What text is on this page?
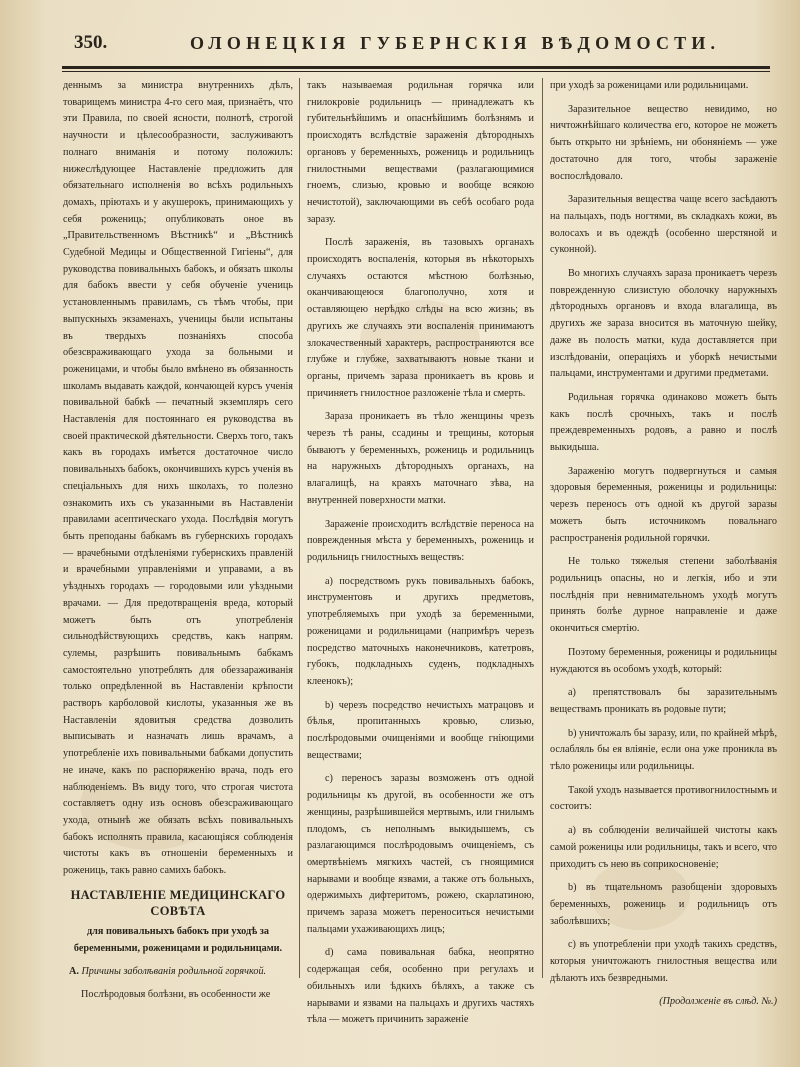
350.	ОЛОНЕЦКІЯ ГУБЕРНСКІЯ ВѢДОМОСТИ.

деннымъ за министра внутреннихъ дѣлъ, товарищемъ министра 4-го сего мая, признаётъ, что эти Правила, по своей ясности, полнотѣ, строгой научности и цѣлесообразности, заслуживаютъ полнаго вниманія и потому положилъ: нижеслѣдующее Наставленіе предложить для обязательнаго исполненія во всѣхъ родильныхъ домахъ, пріютахъ и у акушерокъ, принимающихъ у себя рожениць; опубликовать оное въ „Правительственномъ Вѣстникѣ“ и „Вѣстникѣ Судебной Медицы и Общественной Гигіены“, для руководства повивальныхъ бабокъ, и обязать школы для бабокъ ввести у себя обученіе учениць установленнымъ правиламъ, съ тѣмъ чтобы, при выпускныхъ экзаменахъ, ученицы были испытаны въ твердыхъ познаніяхъ способа обезсвраживающаго ухода за больными и роженицами, и чтобы было вмѣнено въ обязанность школамъ выдавать каждой, кончающей курсъ ученія повивальной бабкѣ — печатный экземпляръ сего Наставленія для постояннаго ея руководства въ своей практической дѣятельности. Сверхъ того, такъ какъ въ городахъ имѣется достаточное число повивальныхъ бабокъ, окончившихъ курсъ ученія въ спеціальныхъ для нихъ школахъ, то полезно ознакомить ихъ съ указанными въ Наставленіи правилами асептическаго ухода. Послѣдвія могутъ быть преподаны бабкамъ въ губернскихъ городахъ — врачебными отдѣленіями губернскихъ правленій и врачебными управленіями и управами, а въ уѣздныхъ городахъ — городовыми или уѣздными врачами. — Для предотвращенія вредa, который можетъ быть отъ употребленія сильнодѣйствующихъ средствъ, какъ напрям. сулемы, разрѣшить повивальнымъ бабкамъ самостоятельно употреблять для обеззараживанія только опредѣленной въ Наставленіи крѣпости растворъ карболовой кислоты, указанныя же въ Наставленіи ядовитыя средства дозволить выписывать и назначать лишь врачамъ, а употребленіе ихъ повивальными бабками допустить не иначе, какъ по распоряженію врача, подъ его наблюденіемъ. Въ виду того, что строгая чистота составляетъ одну изъ основъ обезсраживающаго ухода, отнынѣ же обязать всѣхъ повивальныхъ бабокъ исполнять правила, касающіяся соблюденія чистоты какъ въ отношеніи беременныхъ и рожениць, такъ равно самихъ бабокъ.

НАСТАВЛЕНІЕ МЕДИЦИНСКАГО СОВѢТА
для повивальныхъ бабокъ при уходѣ за беременными, роженицами и родильницами.
А. Причины заболѣванія родильной горячкой.

Послѣродовыя болѣзни, въ особенности же

такъ называемая родильная горячка или гнилокровіе родильницъ — принадлежатъ къ губительнѣйшимъ и опаснѣйшимъ болѣзнямъ и происходятъ вслѣдствіе зараженія дѣтородныхъ органовъ у беременныхъ, рожениць и родильницъ гнилостными веществами (разлагающимися гноемъ, слизью, кровью и вообще всякою нечистотой), заключающими въ себѣ особаго рода заразу.

Послѣ зараженія, въ тазовыхъ органахъ происходятъ воспаленія, которыя въ нѣкоторыхъ случаяхъ остаются мѣстною болѣзнью, оканчивающеюся благополучно, хотя и оставляющею нерѣдко слѣды на всю жизнь; въ другихъ же случаяхъ эти воспаленія принимаютъ злокачественный характеръ, распространяются все глубже и глубже, захватываютъ новые ткани и органы, причемъ зараза проникаетъ въ кровь и причиняетъ гнилостное разложеніе тѣла и смерть.

Зараза проникаетъ въ тѣло женщины чрезъ черезъ тѣ раны, ссадины и трещины, которыя бываютъ у беременныхъ, рожениць и родильницъ на наружныхъ дѣтородныхъ органахъ, на влагалищѣ, на краяхъ маточнаго зѣва, на внутренней поверхности матки.

Зараженіе происходитъ вслѣдствіе переноса на поврежденныя мѣста у беременныхъ, рожениць и родильницъ гнилостныхъ веществъ:

а) посредствомъ рукъ повивальныхъ бабокъ, инструментовъ и другихъ предметовъ, употребляемыхъ при уходѣ за беременными, роженицами и родильницами (напримѣръ черезъ посредство маточныхъ наконечниковъ, катетровъ, губокъ, подкладныхъ суденъ, подкладныхъ клеенокъ);

b) черезъ посредство нечистыхъ матрацовъ и бѣлья, пропитанныхъ кровью, слизью, послѣродовыми очищеніями и вообще гніющими веществами;

c) переносъ заразы возможенъ отъ одной родильницы къ другой, въ особенности же отъ женщины, разрѣшившейся мертвымъ, или гнилымъ плодомъ, съ неполнымъ выкидышемъ, съ разлагающимся послѣродовымъ очищеніемъ, съ омертвѣніемъ мягкихъ частей, съ гноящимися нарывами и вообще язвами, а также отъ больныхъ, одержимыхъ дифтеритомъ, рожею, скарлатиною, причемъ зараза можетъ переноситься нечистыми пальцами ухаживающихъ лицъ;

d) сама повивальная бабка, неопрятно содержащая себя, особенно при регулахъ и обильныхъ или ѣдкихъ бѣляхъ, а также съ нарывами и язвами на пальцахъ и другихъ частяхъ тѣла — можетъ причинить зараженіе

при уходѣ за роженицами или родильницами.

Заразительное вещество невидимо, но ничтожнѣйшаго количества его, которое не можетъ быть открыто ни зрѣніемъ, ни обоняніемъ — уже достаточно для того, чтобы зараженіе воспослѣдовало.

Заразительныя вещества чаще всего засѣдаютъ на пальцахъ, подъ ногтями, въ складкахъ кожи, въ волосахъ и въ одеждѣ (особенно шерстяной и суконной).

Во многихъ случаяхъ зараза проникаетъ черезъ поврежденную слизистую оболочку наружныхъ дѣтородныхъ органовъ и входа влагалища, въ другихъ же зараза вносится въ маточную шейку, даже въ полость матки, куда доставляется при изслѣдованіи, операціяхъ и уборкѣ нечистыми пальцами, инструментами и другими предметами.

Родильная горячка одинаково можетъ быть какъ послѣ срочныхъ, такъ и послѣ преждевременныхъ родовъ, а равно и послѣ выкидыша.

Зараженію могутъ подвергнуться и самыя здоровыя беременныя, роженицы и родильницы: черезъ переносъ отъ одной къ другой заразы можетъ быть источникомъ повальнаго распространенія родильной горячки.

Не только тяжелыя степени заболѣванія родильницъ опасны, но и легкія, ибо и эти послѣднія при невнимательномъ уходѣ могутъ принять болѣе дурное направленіе и даже окончиться смертію.

Поэтому беременныя, роженицы и родильницы нуждаются въ особомъ уходѣ, который:

а) препятствовалъ бы заразительнымъ веществамъ проникать въ родовые пути;

b) уничтожалъ бы заразу, или, по крайней мѣрѣ, ослабляль бы ея вліяніе, если она уже проникла въ тѣло роженицы или родильницы.

Такой уходъ называется противогнилостнымъ и состоитъ:

а) въ соблюденіи величайшей чистоты какъ самой роженицы или родильницы, такъ и всего, что приходитъ съ нею въ соприкосновеніе;

b) въ тщательномъ разобщеніи здоровыхъ беременныхъ, рожениць и родильницъ отъ заболѣвшихъ;

c) въ употребленіи при уходѣ такихъ средствъ, которыя уничтожаютъ гнилостныя вещества или дѣлаютъ ихъ безвредными.

(Продолженіе въ слѣд. №.)
